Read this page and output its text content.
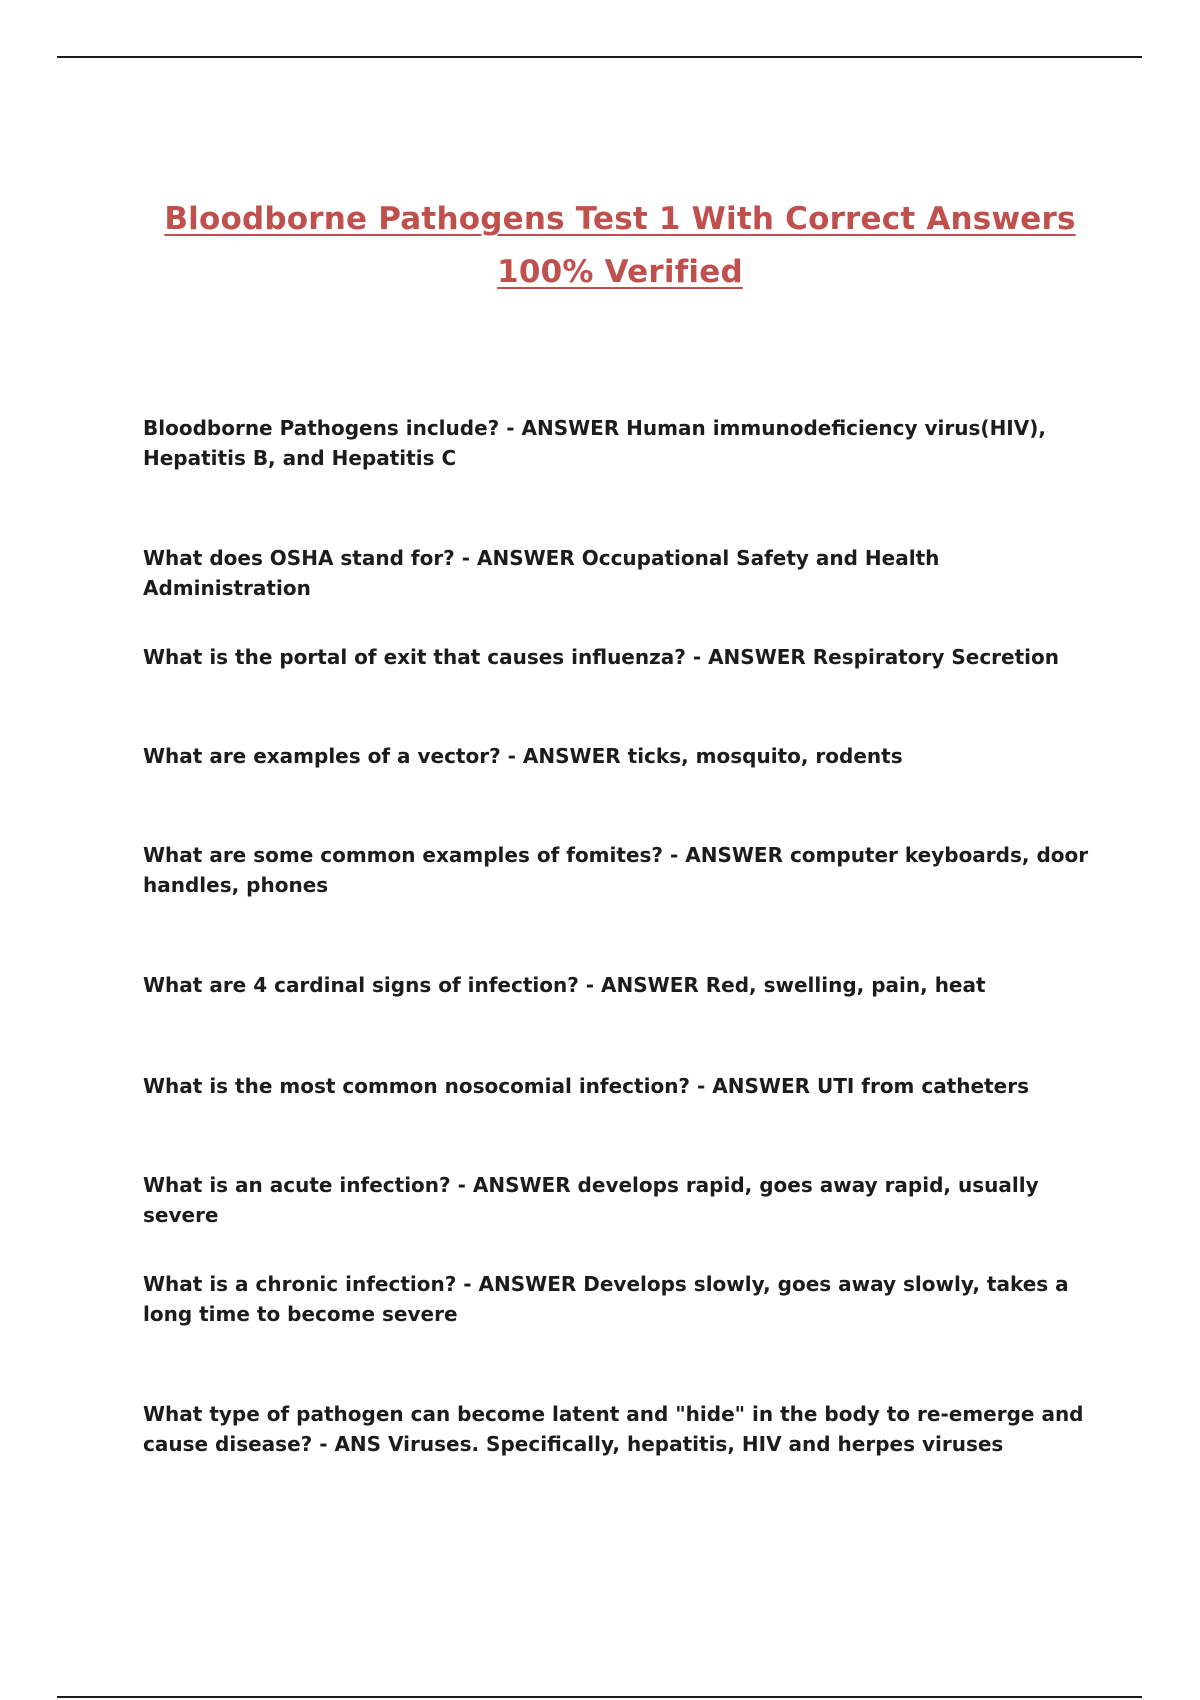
Bloodborne Pathogens Test 1 With Correct Answers
100% Verified
Bloodborne Pathogens include? - ANSWER Human immunodeficiency virus(HIV), Hepatitis B, and Hepatitis C
What does OSHA stand for? - ANSWER Occupational Safety and Health Administration
What is the portal of exit that causes influenza? - ANSWER Respiratory Secretion
What are examples of a vector? - ANSWER ticks, mosquito, rodents
What are some common examples of fomites? - ANSWER computer keyboards, door handles, phones
What are 4 cardinal signs of infection? - ANSWER Red, swelling, pain, heat
What is the most common nosocomial infection? - ANSWER UTI from catheters
What is an acute infection? - ANSWER develops rapid, goes away rapid, usually severe
What is a chronic infection? - ANSWER Develops slowly, goes away slowly, takes a long time to become severe
What type of pathogen can become latent and "hide" in the body to re-emerge and cause disease? - ANS Viruses. Specifically, hepatitis, HIV and herpes viruses
